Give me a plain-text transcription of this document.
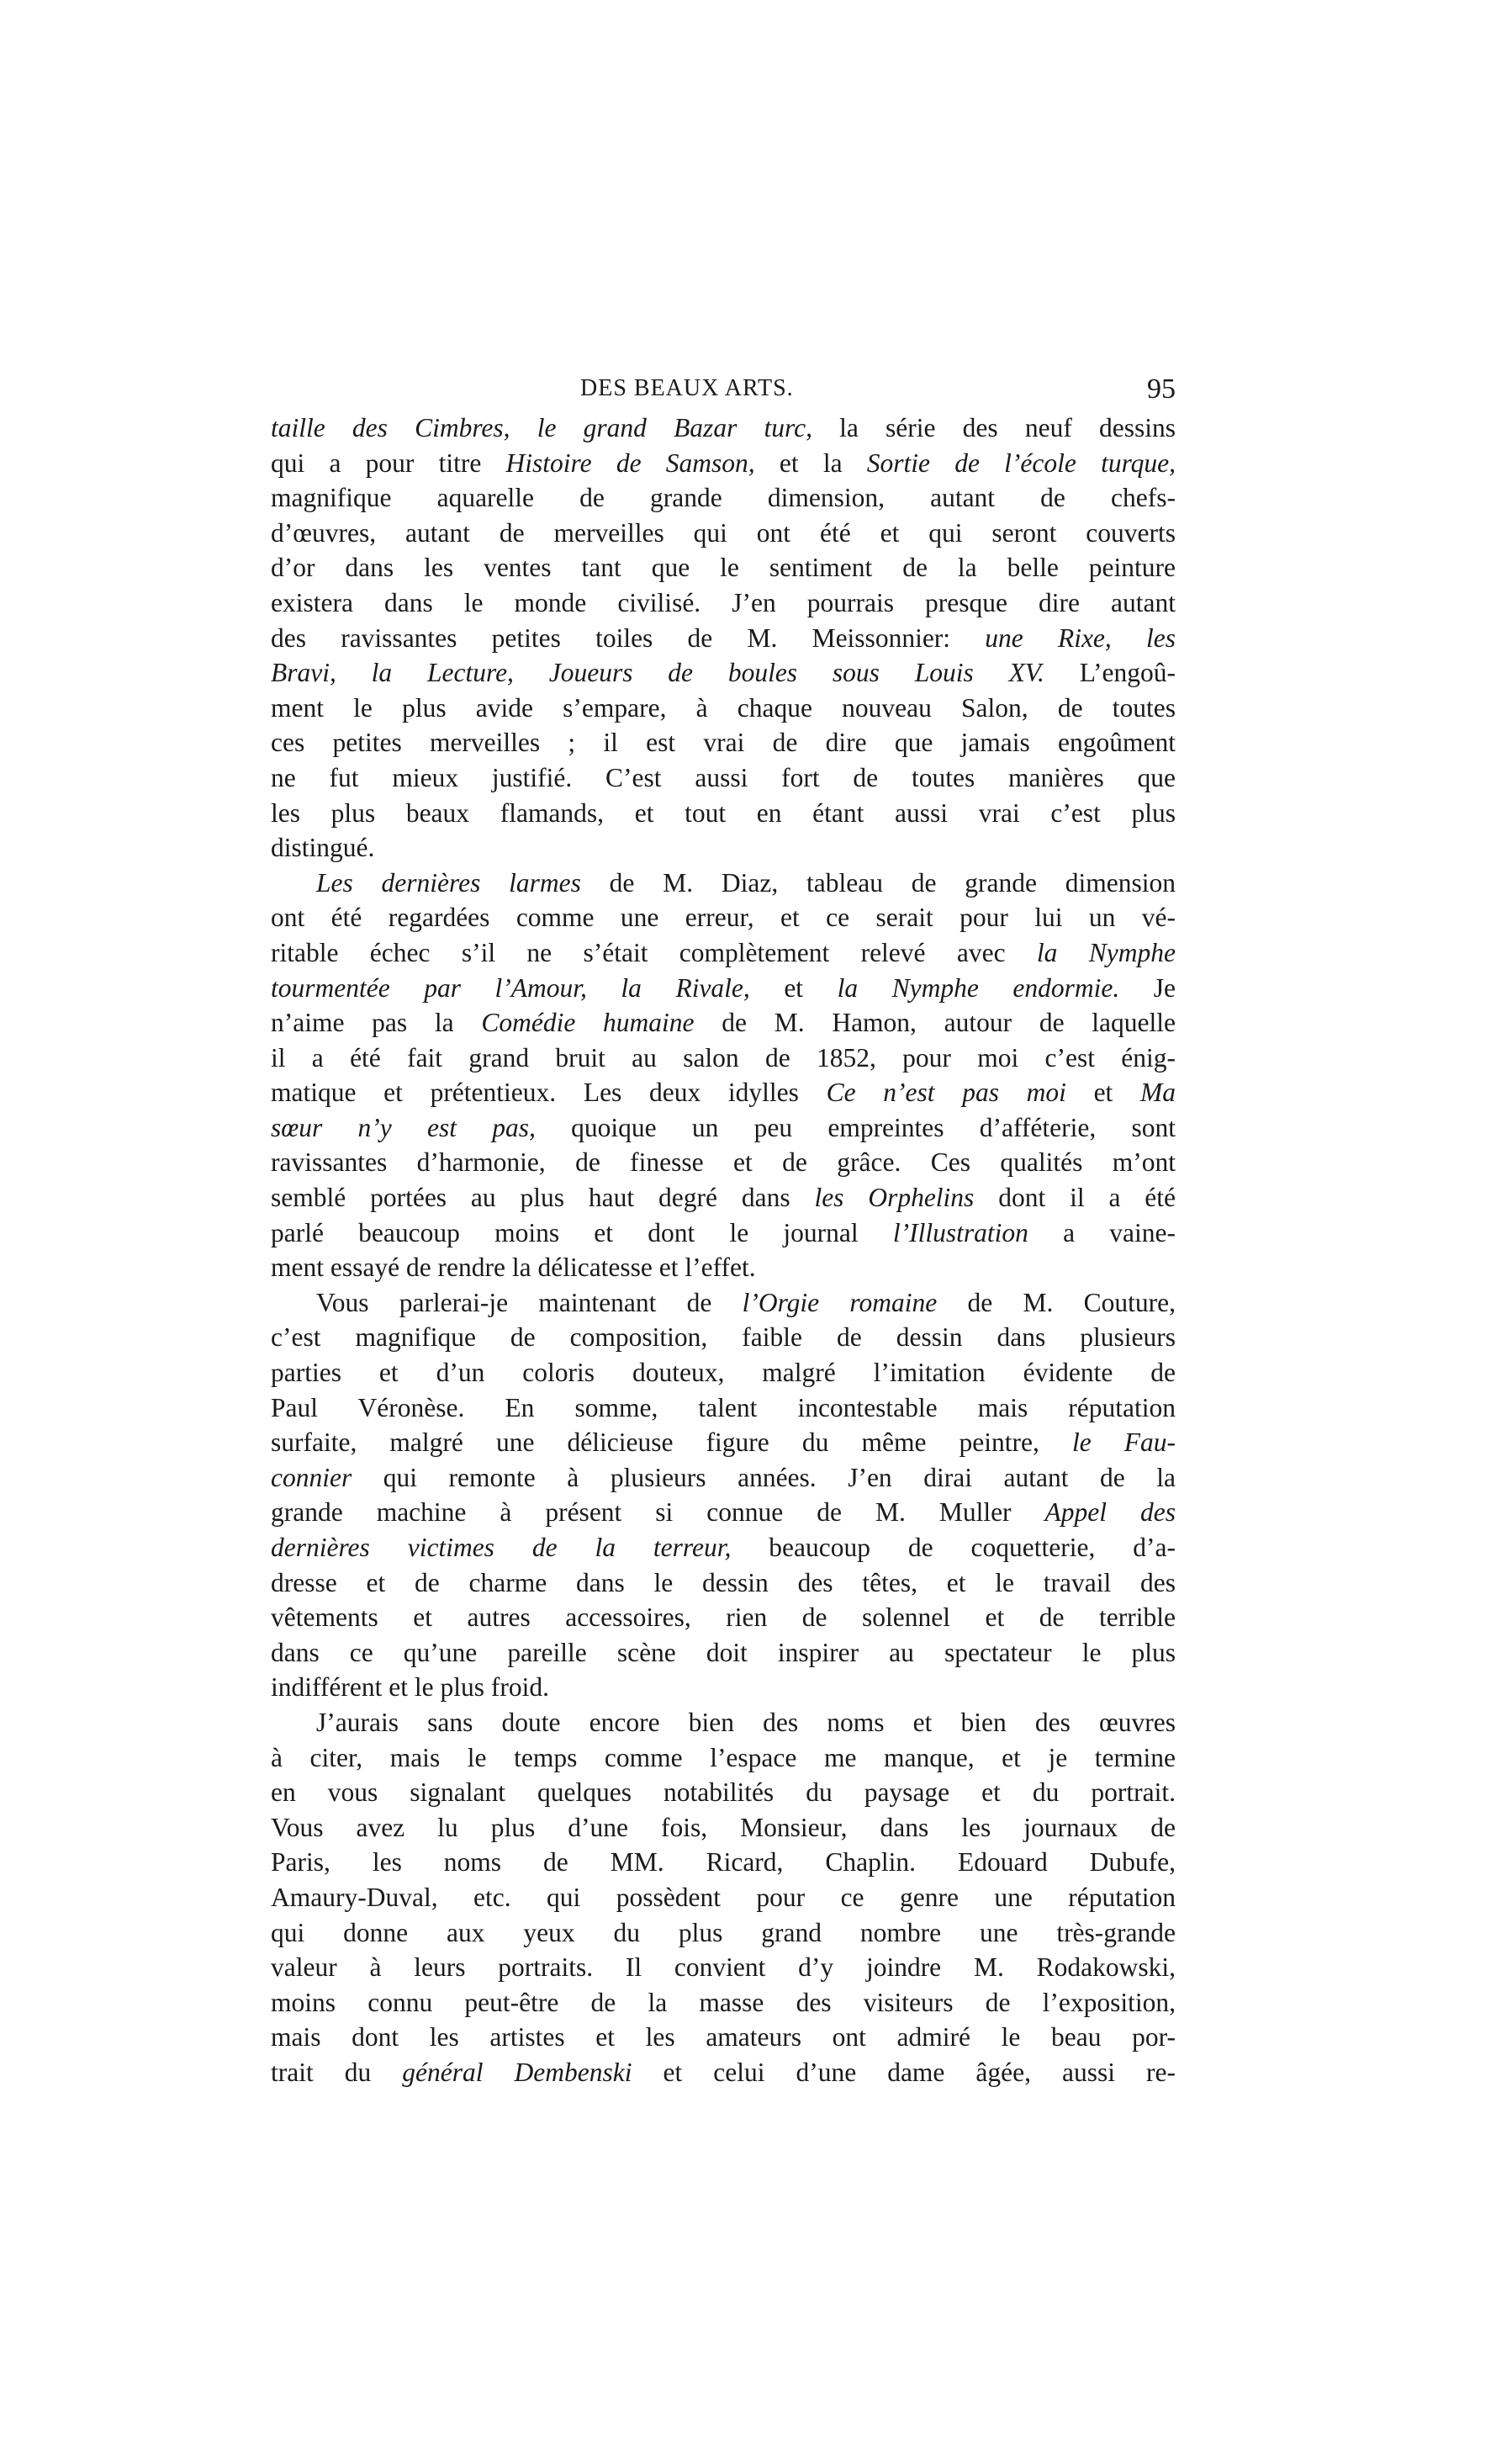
DES BEAUX ARTS.	95
taille des Cimbres, le grand Bazar turc, la série des neuf dessins
qui a pour titre Histoire de Samson, et la Sortie de l’école turque,
magnifique aquarelle de grande dimension, autant de chefs-
d’œuvres, autant de merveilles qui ont été et qui seront couverts
d’or dans les ventes tant que le sentiment de la belle peinture
existera dans le monde civilisé. J’en pourrais presque dire autant
des ravissantes petites toiles de M. Meissonnier: une Rixe, les
Bravi, la Lecture, Joueurs de boules sous Louis XV. L’engoû-
ment le plus avide s’empare, à chaque nouveau Salon, de toutes
ces petites merveilles ; il est vrai de dire que jamais engoûment
ne fut mieux justifié. C’est aussi fort de toutes manières que
les plus beaux flamands, et tout en étant aussi vrai c’est plus
distingué.
Les dernières larmes de M. Diaz, tableau de grande dimension
ont été regardées comme une erreur, et ce serait pour lui un vé-
ritable échec s’il ne s’était complètement relevé avec la Nymphe
tourmentée par l’Amour, la Rivale, et la Nymphe endormie. Je
n’aime pas la Comédie humaine de M. Hamon, autour de laquelle
il a été fait grand bruit au salon de 1852, pour moi c’est énig-
matique et prétentieux. Les deux idylles Ce n’est pas moi et Ma
sœur n’y est pas, quoique un peu empreintes d’afféterie, sont
ravissantes d’harmonie, de finesse et de grâce. Ces qualités m’ont
semblé portées au plus haut degré dans les Orphelins dont il a été
parlé beaucoup moins et dont le journal l’Illustration a vaine-
ment essayé de rendre la délicatesse et l’effet.
Vous parlerai-je maintenant de l’Orgie romaine de M. Couture,
c’est magnifique de composition, faible de dessin dans plusieurs
parties et d’un coloris douteux, malgré l’imitation évidente de
Paul Véronèse. En somme, talent incontestable mais réputation
surfaite, malgré une délicieuse figure du même peintre, le Fau-
connier qui remonte à plusieurs années. J’en dirai autant de la
grande machine à présent si connue de M. Muller Appel des
dernières victimes de la terreur, beaucoup de coquetterie, d’a-
dresse et de charme dans le dessin des têtes, et le travail des
vêtements et autres accessoires, rien de solennel et de terrible
dans ce qu’une pareille scène doit inspirer au spectateur le plus
indifférent et le plus froid.
J’aurais sans doute encore bien des noms et bien des œuvres
à citer, mais le temps comme l’espace me manque, et je termine
en vous signalant quelques notabilités du paysage et du portrait.
Vous avez lu plus d’une fois, Monsieur, dans les journaux de
Paris, les noms de MM. Ricard, Chaplin. Edouard Dubufe,
Amaury-Duval, etc. qui possèdent pour ce genre une réputation
qui donne aux yeux du plus grand nombre une très-grande
valeur à leurs portraits. Il convient d’y joindre M. Rodakowski,
moins connu peut-être de la masse des visiteurs de l’exposition,
mais dont les artistes et les amateurs ont admiré le beau por-
trait du général Dembenski et celui d’une dame âgée, aussi re-
